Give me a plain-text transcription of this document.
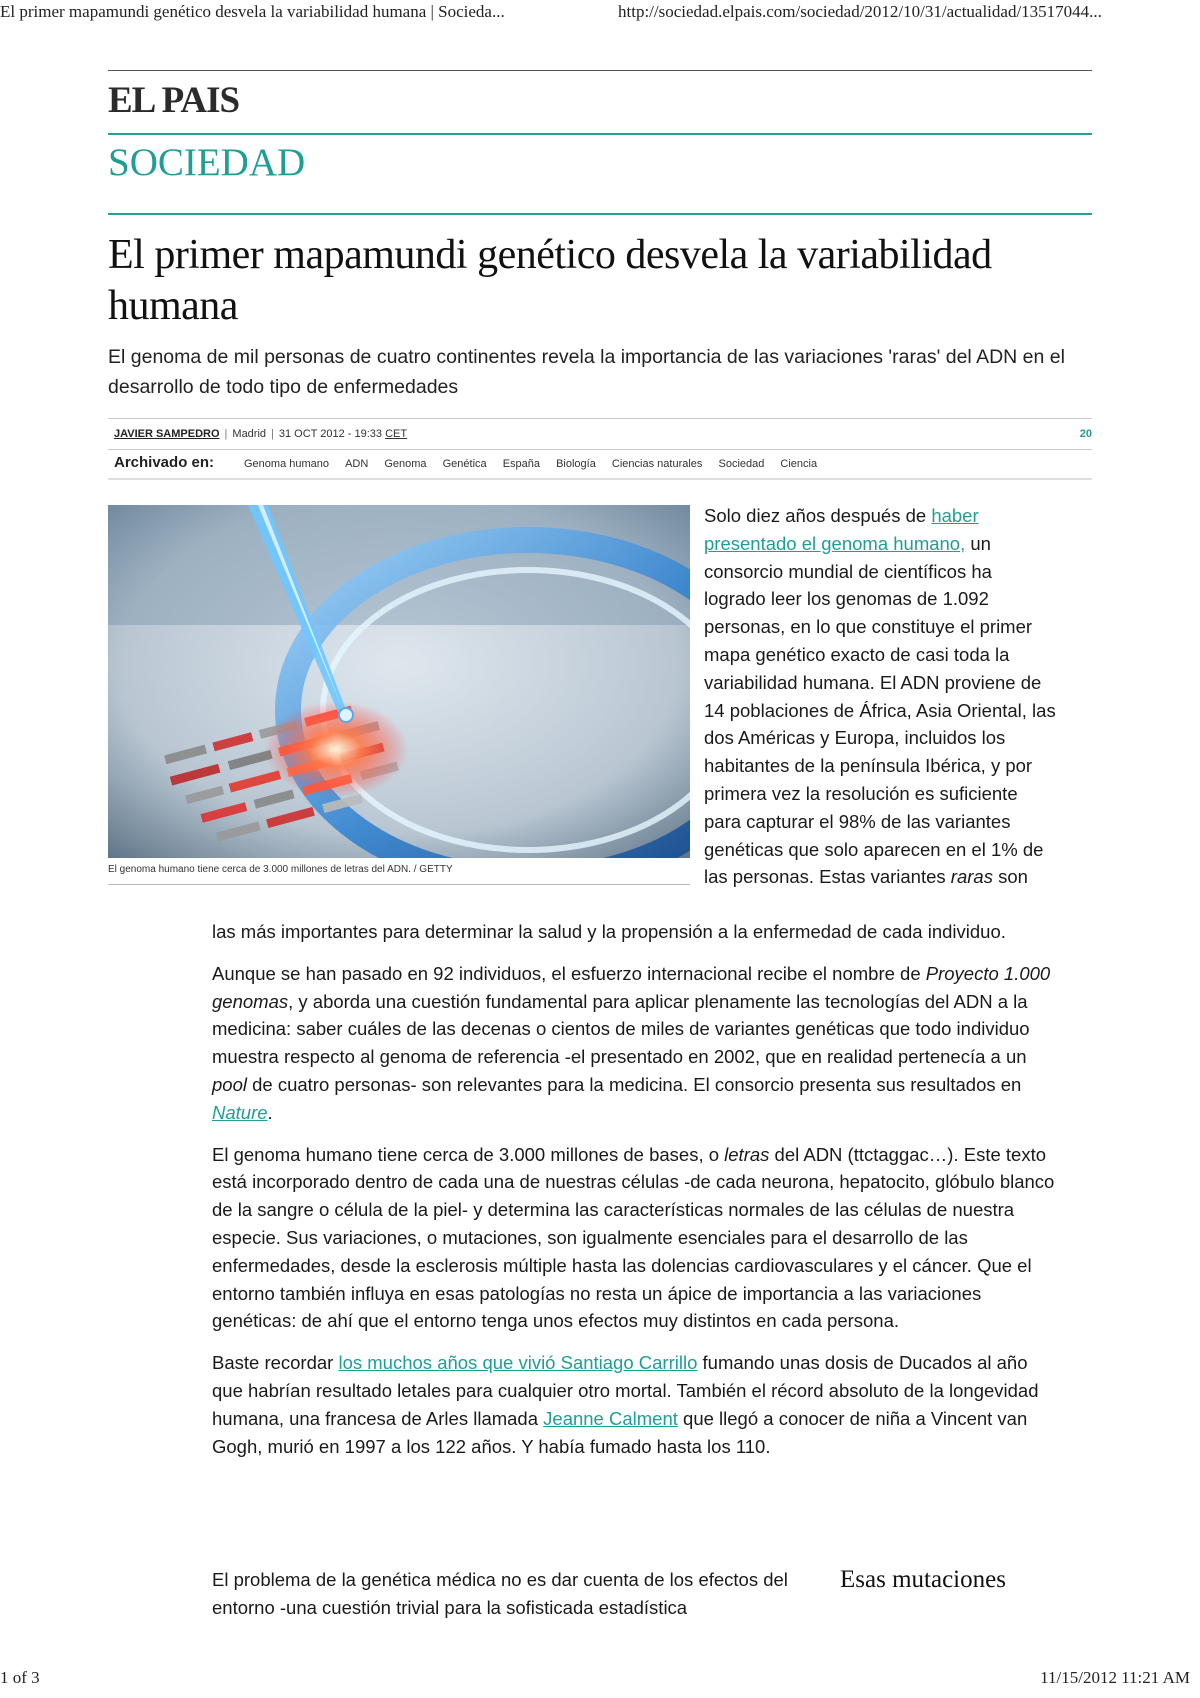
El primer mapamundi genético desvela la variabilidad humana | Socieda...	http://sociedad.elpais.com/sociedad/2012/10/31/actualidad/13517044...
EL PAIS
SOCIEDAD
El primer mapamundi genético desvela la variabilidad humana

El genoma de mil personas de cuatro continentes revela la importancia de las variaciones 'raras' del ADN en el desarrollo de todo tipo de enfermedades

JAVIER SAMPEDRO | Madrid | 31 OCT 2012 - 19:33 CET	20
Archivado en:	Genoma humano ADN Genoma Genética España Biología Ciencias naturales Sociedad Ciencia
El genoma humano tiene cerca de 3.000 millones de letras del ADN. / GETTY

Solo diez años después de haber presentado el genoma humano, un consorcio mundial de científicos ha logrado leer los genomas de 1.092 personas, en lo que constituye el primer mapa genético exacto de casi toda la variabilidad humana. El ADN proviene de 14 poblaciones de África, Asia Oriental, las dos Américas y Europa, incluidos los habitantes de la península Ibérica, y por primera vez la resolución es suficiente para capturar el 98% de las variantes genéticas que solo aparecen en el 1% de las personas. Estas variantes raras son

las más importantes para determinar la salud y la propensión a la enfermedad de cada individuo.

Aunque se han pasado en 92 individuos, el esfuerzo internacional recibe el nombre de Proyecto 1.000 genomas, y aborda una cuestión fundamental para aplicar plenamente las tecnologías del ADN a la medicina: saber cuáles de las decenas o cientos de miles de variantes genéticas que todo individuo muestra respecto al genoma de referencia -el presentado en 2002, que en realidad pertenecía a un pool de cuatro personas- son relevantes para la medicina. El consorcio presenta sus resultados en Nature.

El genoma humano tiene cerca de 3.000 millones de bases, o letras del ADN (ttctaggac…). Este texto está incorporado dentro de cada una de nuestras células -de cada neurona, hepatocito, glóbulo blanco de la sangre o célula de la piel- y determina las características normales de las células de nuestra especie. Sus variaciones, o mutaciones, son igualmente esenciales para el desarrollo de las enfermedades, desde la esclerosis múltiple hasta las dolencias cardiovasculares y el cáncer. Que el entorno también influya en esas patologías no resta un ápice de importancia a las variaciones genéticas: de ahí que el entorno tenga unos efectos muy distintos en cada persona.

Baste recordar los muchos años que vivió Santiago Carrillo fumando unas dosis de Ducados al año que habrían resultado letales para cualquier otro mortal. También el récord absoluto de la longevidad humana, una francesa de Arles llamada Jeanne Calment que llegó a conocer de niña a Vincent van Gogh, murió en 1997 a los 122 años. Y había fumado hasta los 110.

El problema de la genética médica no es dar cuenta de los efectos del entorno -una cuestión trivial para la sofisticada estadística

Esas mutaciones
1 of 3	11/15/2012 11:21 AM
